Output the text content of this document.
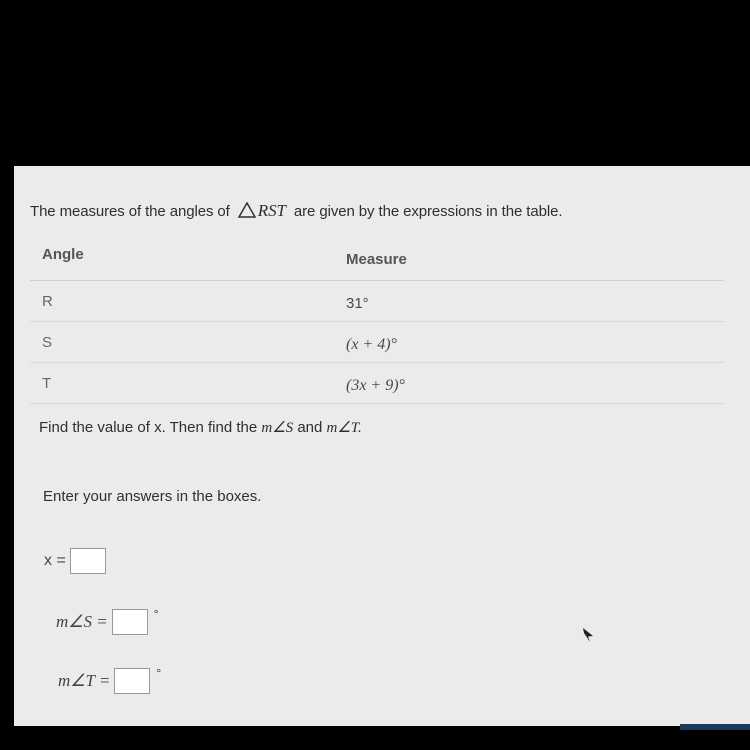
The measures of the angles of RST are given by the expressions in the table.
Angle	Measure
R	31°
S	(x + 4)°
T	(3x + 9)°
Find the value of x. Then find the m∠S and m∠T.
Enter your answers in the boxes.
x =
m∠S =	°
m∠T =	°
